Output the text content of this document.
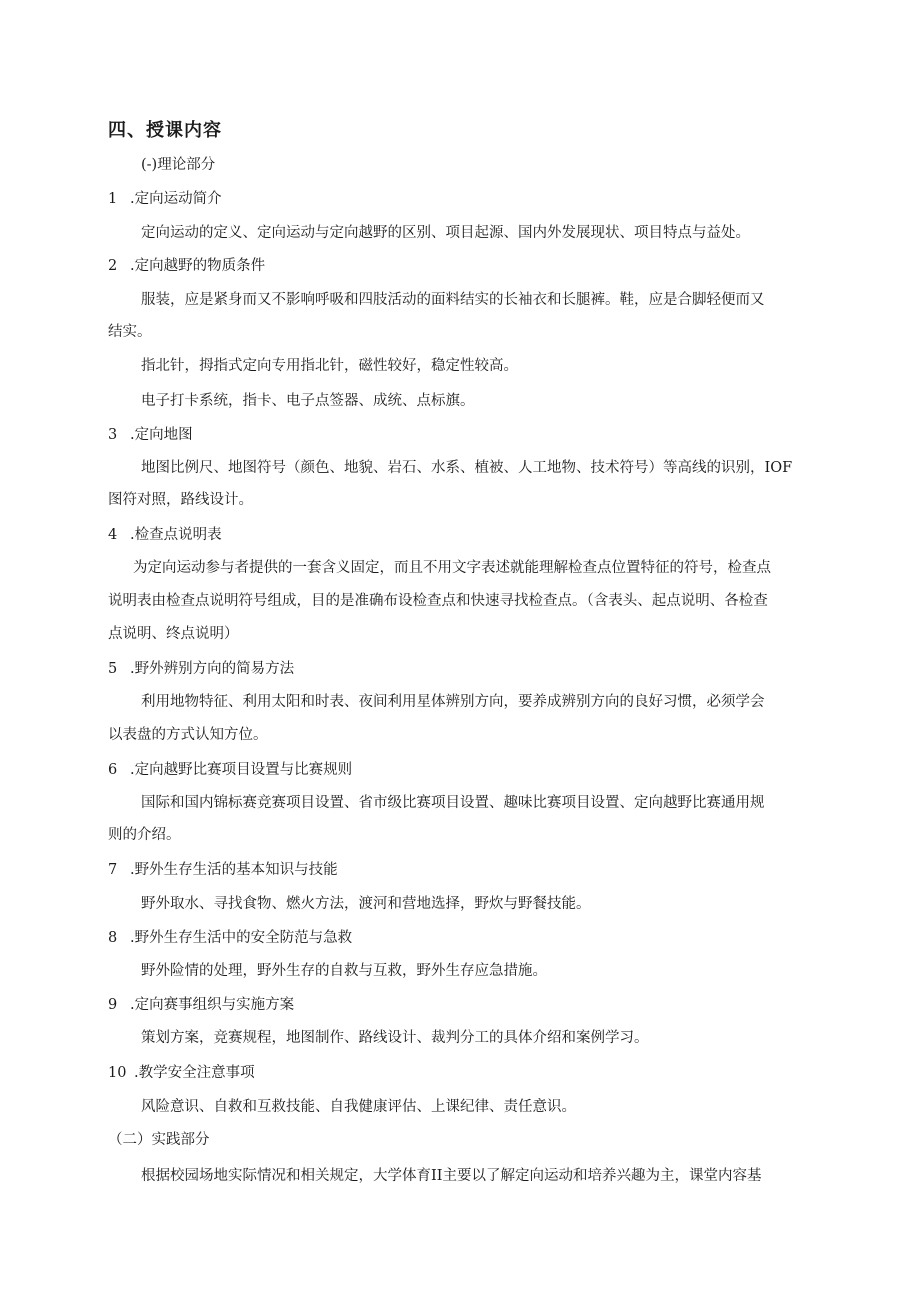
四、授课内容
(-)理论部分
1 .定向运动简介
定向运动的定义、定向运动与定向越野的区别、项目起源、国内外发展现状、项目特点与益处。
2 .定向越野的物质条件
服装，应是紧身而又不影响呼吸和四肢活动的面料结实的长袖衣和长腿裤。鞋，应是合脚轻便而又
结实。
指北针，拇指式定向专用指北针，磁性较好，稳定性较高。
电子打卡系统，指卡、电子点签器、成统、点标旗。
3 .定向地图
地图比例尺、地图符号（颜色、地貌、岩石、水系、植被、人工地物、技术符号）等高线的识别，IOF
图符对照，路线设计。
4 .检查点说明表
为定向运动参与者提供的一套含义固定，而且不用文字表述就能理解检查点位置特征的符号，检查点
说明表由检查点说明符号组成，目的是准确布设检查点和快速寻找检查点。（含表头、起点说明、各检查
点说明、终点说明）
5 .野外辨别方向的简易方法
利用地物特征、利用太阳和时表、夜间利用星体辨别方向，要养成辨别方向的良好习惯，必须学会
以表盘的方式认知方位。
6 .定向越野比赛项目设置与比赛规则
国际和国内锦标赛竞赛项目设置、省市级比赛项目设置、趣味比赛项目设置、定向越野比赛通用规
则的介绍。
7 .野外生存生活的基本知识与技能
野外取水、寻找食物、燃火方法，渡河和营地选择，野炊与野餐技能。
8 .野外生存生活中的安全防范与急救
野外险情的处理，野外生存的自救与互救，野外生存应急措施。
9 .定向赛事组织与实施方案
策划方案，竞赛规程，地图制作、路线设计、裁判分工的具体介绍和案例学习。
10 .教学安全注意事项
风险意识、自救和互救技能、自我健康评估、上课纪律、责任意识。
（二）实践部分
根据校园场地实际情况和相关规定，大学体育II主要以了解定向运动和培养兴趣为主，课堂内容基
